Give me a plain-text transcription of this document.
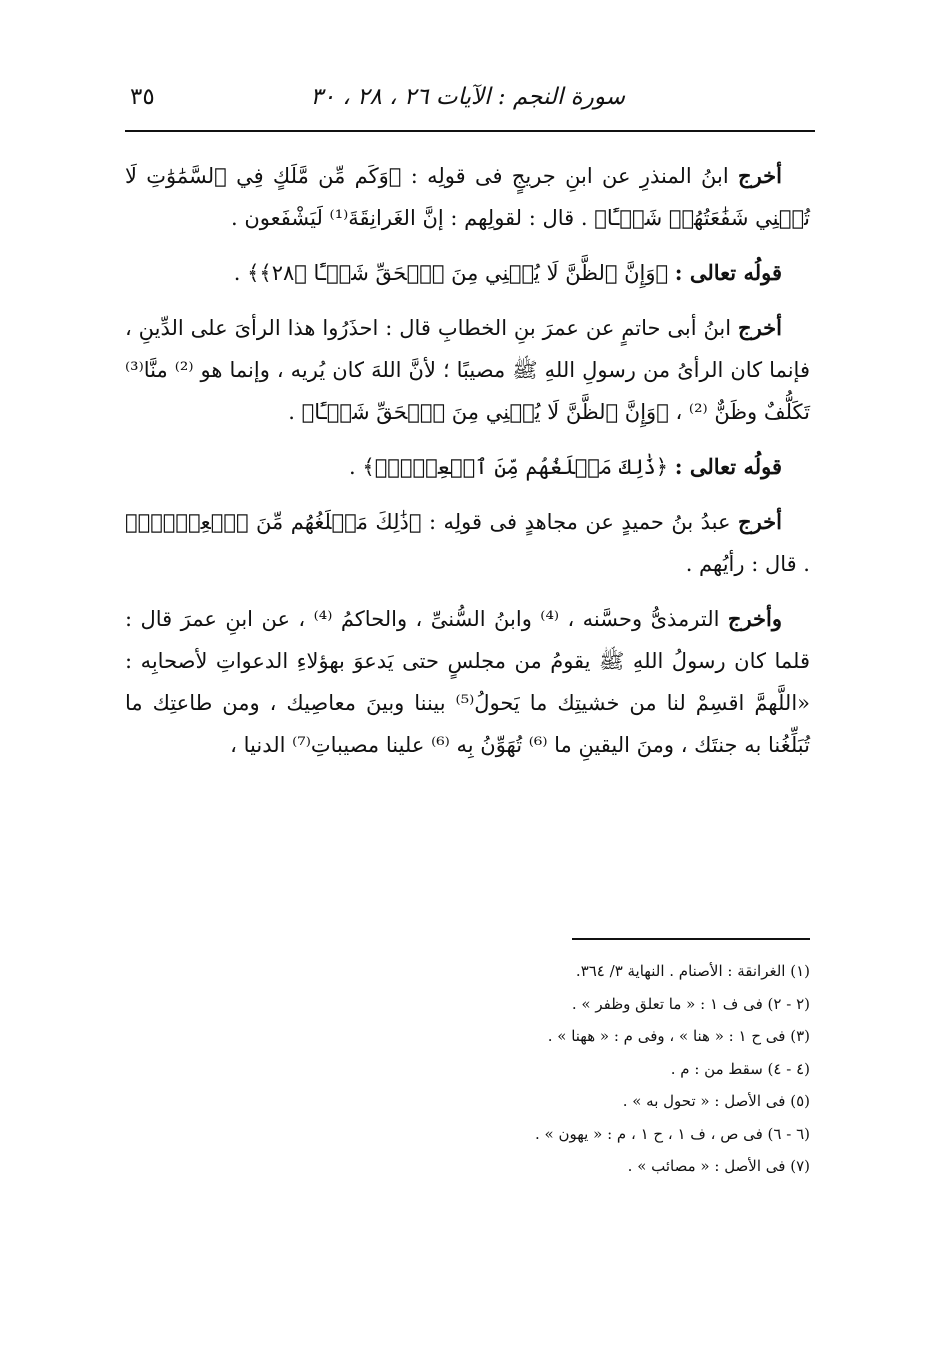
سورة النجم : الآيات ٢٦ ، ٢٨ ، ٣٠
٣٥

أخرج ابنُ المنذرِ عن ابنِ جريجٍ فى قولِه : ﴿وَكَم مِّن مَّلَكٍ فِي ٱلسَّمَٰوَٰتِ لَا تُغۡنِي شَفَٰعَتُهُمۡ شَيۡـًٔا﴾ . قال : لقولِهم : إنَّ الغَرانِقَةَ⁽¹⁾ لَيَشْفَعون .

قولُه تعالى : ﴿وَإِنَّ ٱلظَّنَّ لَا يُغۡنِي مِنَ ٱلۡحَقِّ شَيۡـًٔا ﴿٢٨﴾﴾ .

أخرج ابنُ أبى حاتمٍ عن عمرَ بنِ الخطابِ قال : احذَرُوا هذا الرأىَ على الدِّينِ ، فإنما كان الرأىُ من رسولِ اللهِ ﷺ مصيبًا ؛ لأنَّ اللهَ كان يُريه ، وإنما هو ⁽²⁾ منَّا⁽³⁾ تَكَلُّفٌ وظَنٌّ ⁽²⁾ ، ﴿وَإِنَّ ٱلظَّنَّ لَا يُغۡنِي مِنَ ٱلۡحَقِّ شَيۡـًٔا﴾ .

قولُه تعالى : ﴿ذَٰلِكَ مَبۡلَغُهُم مِّنَ ٱلۡعِلۡمِۚ﴾ .

أخرج عبدُ بنُ حميدٍ عن مجاهدٍ فى قولِه : ﴿ذَٰلِكَ مَبۡلَغُهُم مِّنَ ٱلۡعِلۡمِۚ﴾ . قال : رأيُهم .

وأخرج الترمذىُّ وحسَّنه ، ⁽⁴⁾ وابنُ السُّنىِّ ، والحاكمُ ⁽⁴⁾ ، عن ابنِ عمرَ قال : قلما كان رسولُ اللهِ ﷺ يقومُ من مجلسٍ حتى يَدعوَ بهؤلاءِ الدعواتِ لأصحابِه : «اللَّهمَّ اقسِمْ لنا من خشيتِك ما يَحولُ⁽⁵⁾ بيننا وبينَ معاصِيك ، ومن طاعتِك ما تُبَلِّغُنا به جنتَك ، ومنَ اليقينِ ما ⁽⁶⁾ تُهَوِّنُ بِه ⁽⁶⁾ علينا مصيباتِ⁽⁷⁾ الدنيا ،

(١) الغرانقة : الأصنام . النهاية ٣/ ٣٦٤.

(٢ - ٢) فى ف ١ : « ما تعلق وظفر » .

(٣) فى ح ١ : « هنا » ، وفى م : « ههنا » .

(٤ - ٤) سقط من : م .

(٥) فى الأصل : « تحول به » .

(٦ - ٦) فى ص ، ف ١ ، ح ١ ، م : « يهون » .

(٧) فى الأصل : « مصائب » .
